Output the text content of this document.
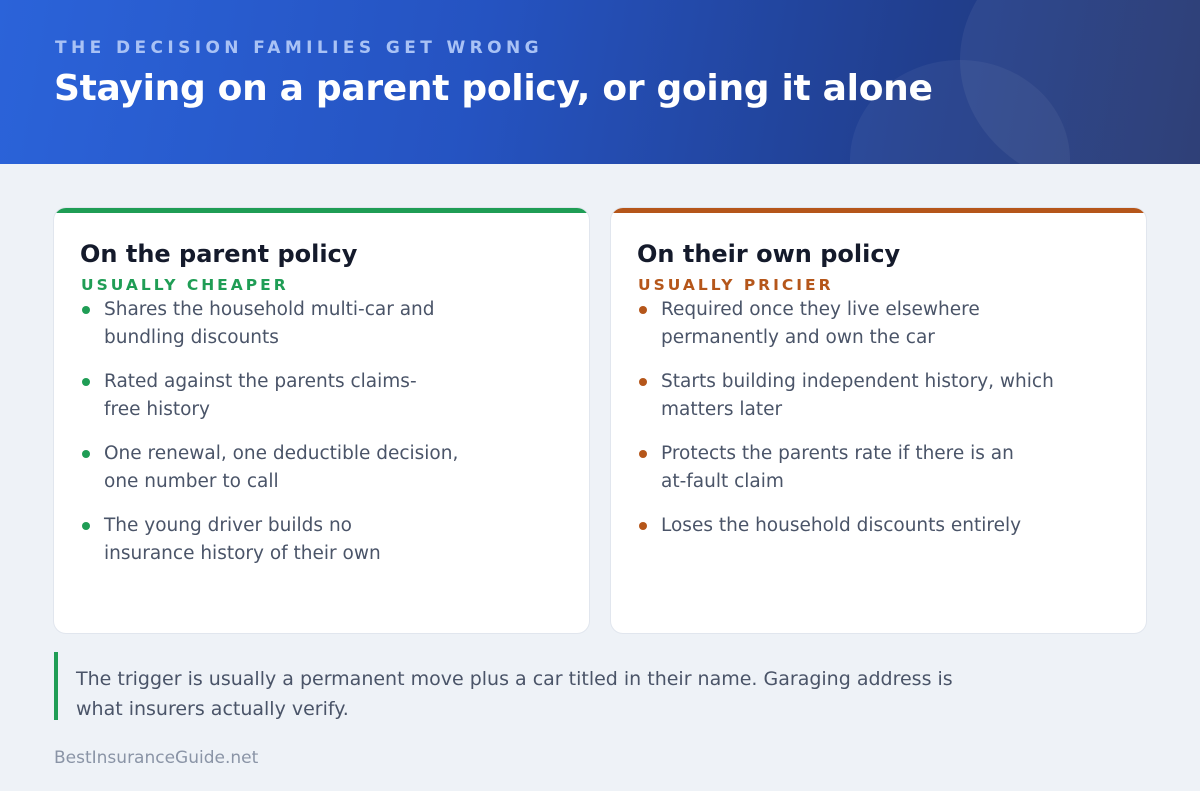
THE DECISION FAMILIES GET WRONG
Staying on a parent policy, or going it alone
On the parent policy
USUALLY CHEAPER
Shares the household multi-car and bundling discounts
Rated against the parents claims-free history
One renewal, one deductible decision, one number to call
The young driver builds no insurance history of their own
On their own policy
USUALLY PRICIER
Required once they live elsewhere permanently and own the car
Starts building independent history, which matters later
Protects the parents rate if there is an at-fault claim
Loses the household discounts entirely
The trigger is usually a permanent move plus a car titled in their name. Garaging address is what insurers actually verify.
BestInsuranceGuide.net
